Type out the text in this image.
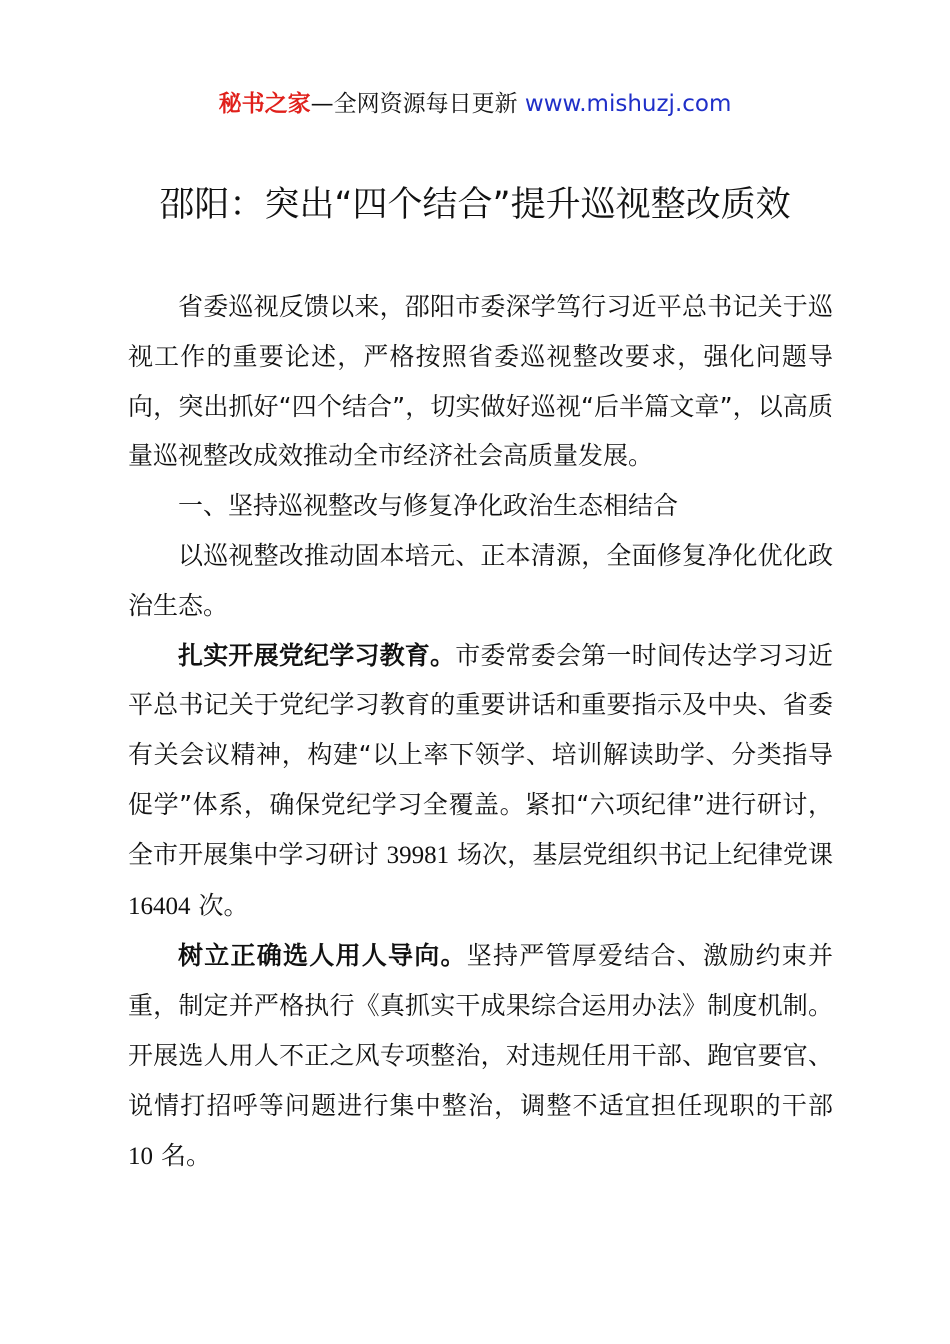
秘书之家—全网资源每日更新 www.mishuzj.com
邵阳：突出“四个结合”提升巡视整改质效

省委巡视反馈以来，邵阳市委深学笃行习近平总书记关于巡视工作的重要论述，严格按照省委巡视整改要求，强化问题导向，突出抓好“四个结合”，切实做好巡视“后半篇文章”，以高质量巡视整改成效推动全市经济社会高质量发展。

一、坚持巡视整改与修复净化政治生态相结合

以巡视整改推动固本培元、正本清源，全面修复净化优化政治生态。

扎实开展党纪学习教育。市委常委会第一时间传达学习习近平总书记关于党纪学习教育的重要讲话和重要指示及中央、省委有关会议精神，构建“以上率下领学、培训解读助学、分类指导促学”体系，确保党纪学习全覆盖。紧扣“六项纪律”进行研讨，全市开展集中学习研讨 39981 场次，基层党组织书记上纪律党课 16404 次。

树立正确选人用人导向。坚持严管厚爱结合、激励约束并重，制定并严格执行《真抓实干成果综合运用办法》制度机制。开展选人用人不正之风专项整治，对违规任用干部、跑官要官、说情打招呼等问题进行集中整治，调整不适宜担任现职的干部 10 名。
